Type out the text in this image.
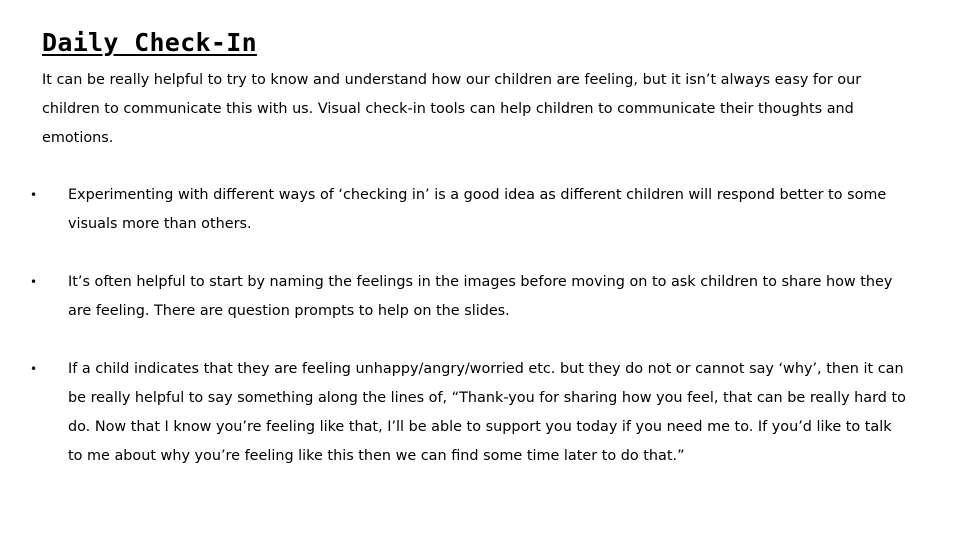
Daily Check-In

It can be really helpful to try to know and understand how our children are feeling, but it isn’t always easy for our children to communicate this with us. Visual check-in tools can help children to communicate their thoughts and emotions.

• Experimenting with different ways of ‘checking in’ is a good idea as different children will respond better to some visuals more than others.
• It’s often helpful to start by naming the feelings in the images before moving on to ask children to share how they are feeling. There are question prompts to help on the slides.
• If a child indicates that they are feeling unhappy/angry/worried etc. but they do not or cannot say ‘why’, then it can be really helpful to say something along the lines of, “Thank-you for sharing how you feel, that can be really hard to do. Now that I know you’re feeling like that, I’ll be able to support you today if you need me to. If you’d like to talk to me about why you’re feeling like this then we can find some time later to do that.”
